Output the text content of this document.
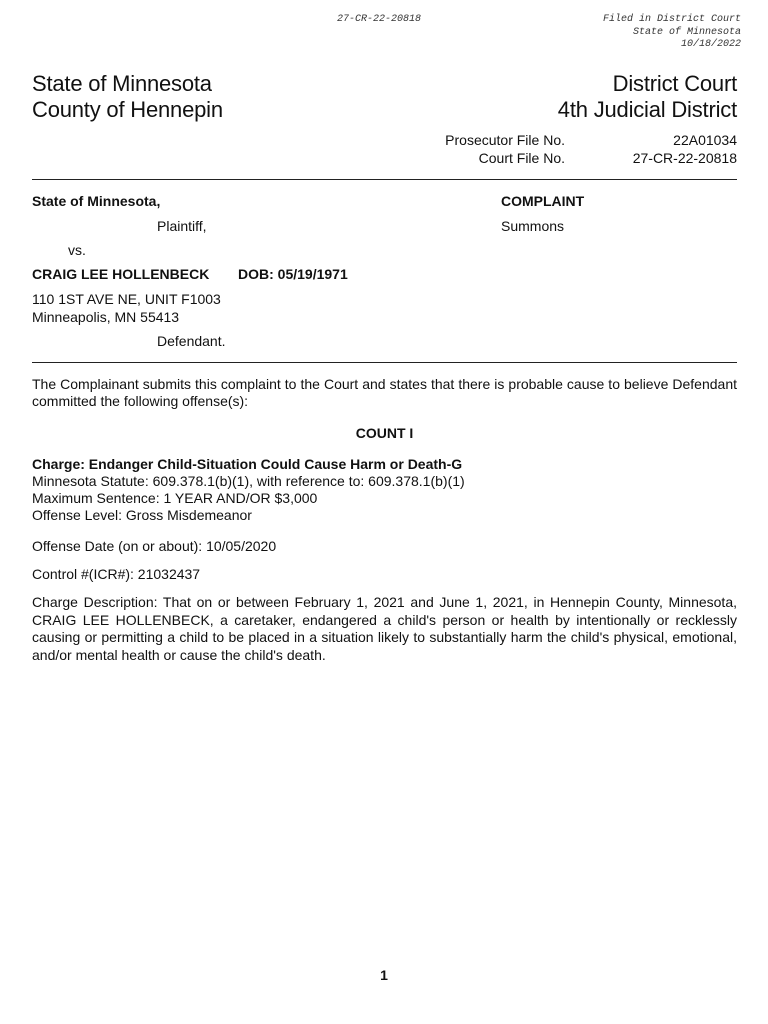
27-CR-22-20818	Filed in District Court
State of Minnesota
10/18/2022
State of Minnesota
County of Hennepin
District Court
4th Judicial District
Prosecutor File No.	22A01034
Court File No.	27-CR-22-20818
State of Minnesota,
Plaintiff,
vs.
CRAIG LEE HOLLENBECK DOB: 05/19/1971
110 1ST AVE NE, UNIT F1003
Minneapolis, MN 55413
Defendant.
COMPLAINT
Summons
The Complainant submits this complaint to the Court and states that there is probable cause to believe Defendant committed the following offense(s):
COUNT I
Charge: Endanger Child-Situation Could Cause Harm or Death-G
Minnesota Statute: 609.378.1(b)(1), with reference to: 609.378.1(b)(1)
Maximum Sentence: 1 YEAR AND/OR $3,000
Offense Level: Gross Misdemeanor
Offense Date (on or about): 10/05/2020
Control #(ICR#): 21032437
Charge Description: That on or between February 1, 2021 and June 1, 2021, in Hennepin County, Minnesota, CRAIG LEE HOLLENBECK, a caretaker, endangered a child's person or health by intentionally or recklessly causing or permitting a child to be placed in a situation likely to substantially harm the child's physical, emotional, and/or mental health or cause the child's death.
1
